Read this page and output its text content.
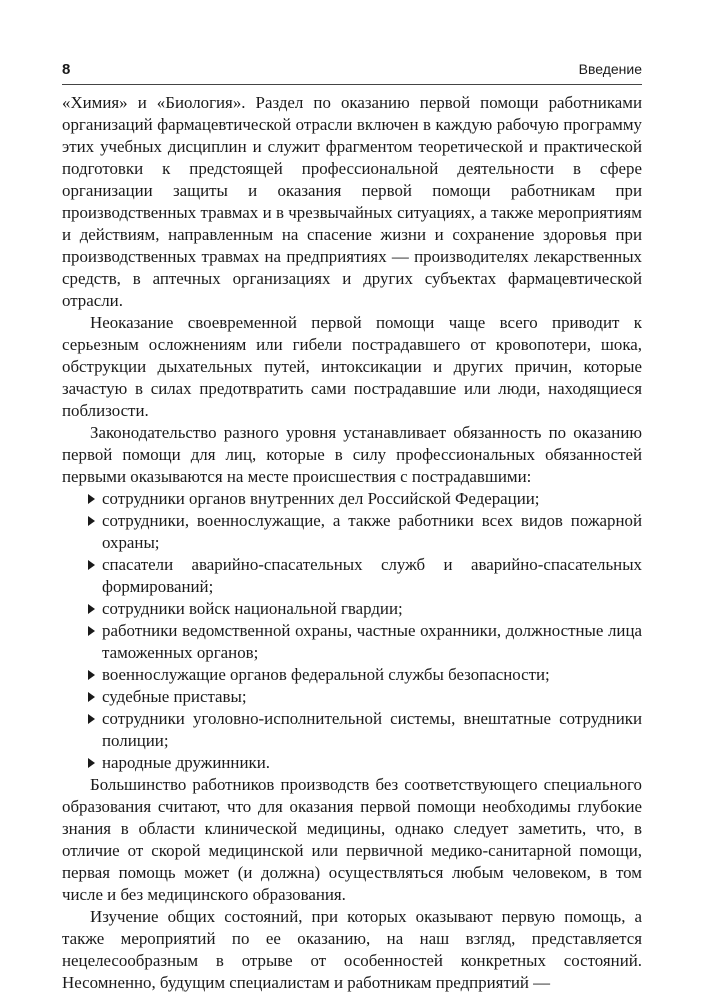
8	Введение

«Химия» и «Биология». Раздел по оказанию первой помощи работниками организаций фармацевтической отрасли включен в каждую рабочую программу этих учебных дисциплин и служит фрагментом теоретической и практической подготовки к предстоящей профессиональной деятельности в сфере организации защиты и оказания первой помощи работникам при производственных травмах и в чрезвычайных ситуациях, а также мероприятиям и действиям, направленным на спасение жизни и сохранение здоровья при производственных травмах на предприятиях — производителях лекарственных средств, в аптечных организациях и других субъектах фармацевтической отрасли.

Неоказание своевременной первой помощи чаще всего приводит к серьезным осложнениям или гибели пострадавшего от кровопотери, шока, обструкции дыхательных путей, интоксикации и других причин, которые зачастую в силах предотвратить сами пострадавшие или люди, находящиеся поблизости.

Законодательство разного уровня устанавливает обязанность по оказанию первой помощи для лиц, которые в силу профессиональных обязанностей первыми оказываются на месте происшествия с пострадавшими:

сотрудники органов внутренних дел Российской Федерации;
сотрудники, военнослужащие, а также работники всех видов пожарной охраны;
спасатели аварийно-спасательных служб и аварийно-спасательных формирований;
сотрудники войск национальной гвардии;
работники ведомственной охраны, частные охранники, должностные лица таможенных органов;
военнослужащие органов федеральной службы безопасности;
судебные приставы;
сотрудники уголовно-исполнительной системы, внештатные сотрудники полиции;
народные дружинники.

Большинство работников производств без соответствующего специального образования считают, что для оказания первой помощи необходимы глубокие знания в области клинической медицины, однако следует заметить, что, в отличие от скорой медицинской или первичной медико-санитарной помощи, первая помощь может (и должна) осуществляться любым человеком, в том числе и без медицинского образования.

Изучение общих состояний, при которых оказывают первую помощь, а также мероприятий по ее оказанию, на наш взгляд, представляется нецелесообразным в отрыве от особенностей конкретных состояний. Несомненно, будущим специалистам и работникам предприятий —
